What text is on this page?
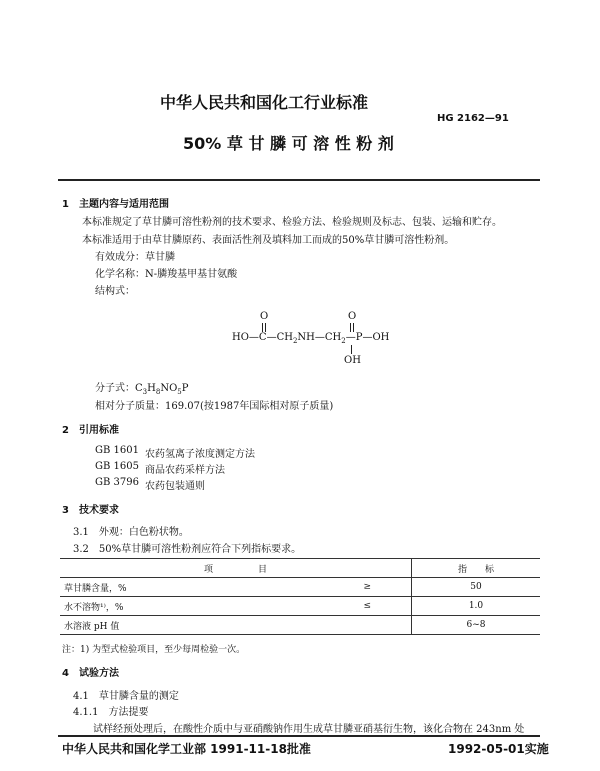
中华人民共和国化工行业标准
HG 2162—91
50% 草 甘 膦 可 溶 性 粉 剂
1　主题内容与适用范围
本标准规定了草甘膦可溶性粉剂的技术要求、检验方法、检验规则及标志、包装、运输和贮存。
本标准适用于由草甘膦原药、表面活性剂及填料加工而成的50%草甘膦可溶性粉剂。
有效成分：草甘膦
化学名称：N-膦羧基甲基甘氨酸
结构式：
O	O
$HO—C—CH_2NH—CH_2—P—OH$
OH
分子式：$C_3H_8NO_5P$
相对分子质量：169.07(按1987年国际相对原子质量)
2　引用标准
GB 1601 农药氢离子浓度测定方法
GB 1605 商品农药采样方法
GB 3796 农药包装通则
3　技术要求
3.1　外观：白色粉状物。
3.2　50%草甘膦可溶性粉剂应符合下列指标要求。
项　　　　　目		指　　标
草甘膦含量，%	≥	50
水不溶物¹⁾，%	≤	1.0
水溶液 pH 值		6~8
注：1) 为型式检验项目，至少每周检验一次。
4　试验方法
4.1　草甘膦含量的测定
4.1.1　方法提要
试样经预处理后，在酸性介质中与亚硝酸钠作用生成草甘膦亚硝基衍生物，该化合物在 243nm 处
中华人民共和国化学工业部 1991-11-18批准	1992-05-01实施
